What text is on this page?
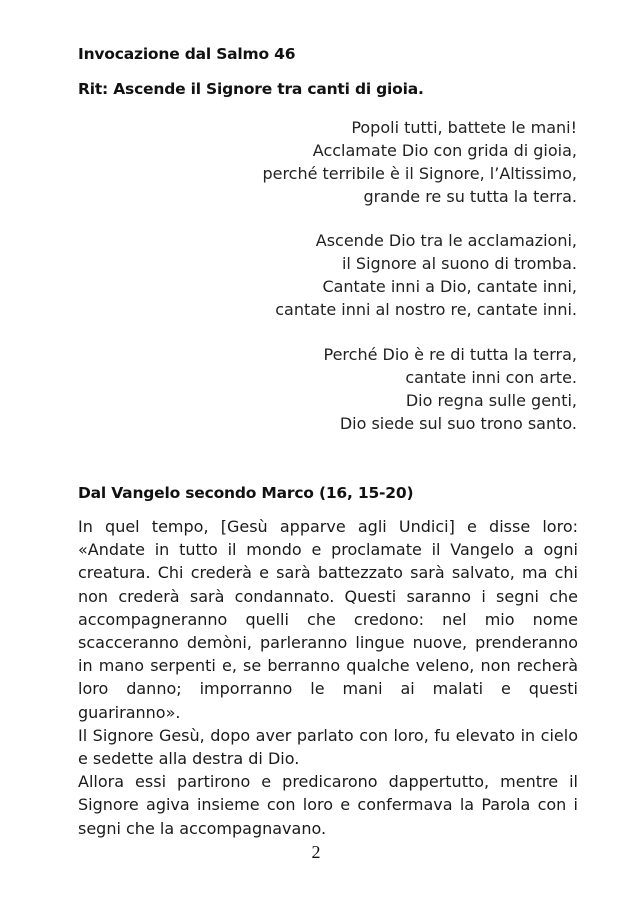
Invocazione dal Salmo 46
Rit: Ascende il Signore tra canti di gioia.
Popoli tutti, battete le mani!
Acclamate Dio con grida di gioia,
perché terribile è il Signore, l’Altissimo,
grande re su tutta la terra.
Ascende Dio tra le acclamazioni,
il Signore al suono di tromba.
Cantate inni a Dio, cantate inni,
cantate inni al nostro re, cantate inni.
Perché Dio è re di tutta la terra,
cantate inni con arte.
Dio regna sulle genti,
Dio siede sul suo trono santo.
Dal Vangelo secondo Marco (16, 15-20)

In quel tempo, [Gesù apparve agli Undici] e disse loro: «Andate in tutto il mondo e proclamate il Vangelo a ogni creatura. Chi crederà e sarà battezzato sarà salvato, ma chi non crederà sarà condannato. Questi saranno i segni che accompagneranno quelli che credono: nel mio nome scacceranno demòni, parleranno lingue nuove, prenderanno in mano serpenti e, se berranno qualche veleno, non recherà loro danno; imporranno le mani ai malati e questi guariranno».

Il Signore Gesù, dopo aver parlato con loro, fu elevato in cielo e sedette alla destra di Dio.

Allora essi partirono e predicarono dappertutto, mentre il Signore agiva insieme con loro e confermava la Parola con i segni che la accompagnavano.

2
